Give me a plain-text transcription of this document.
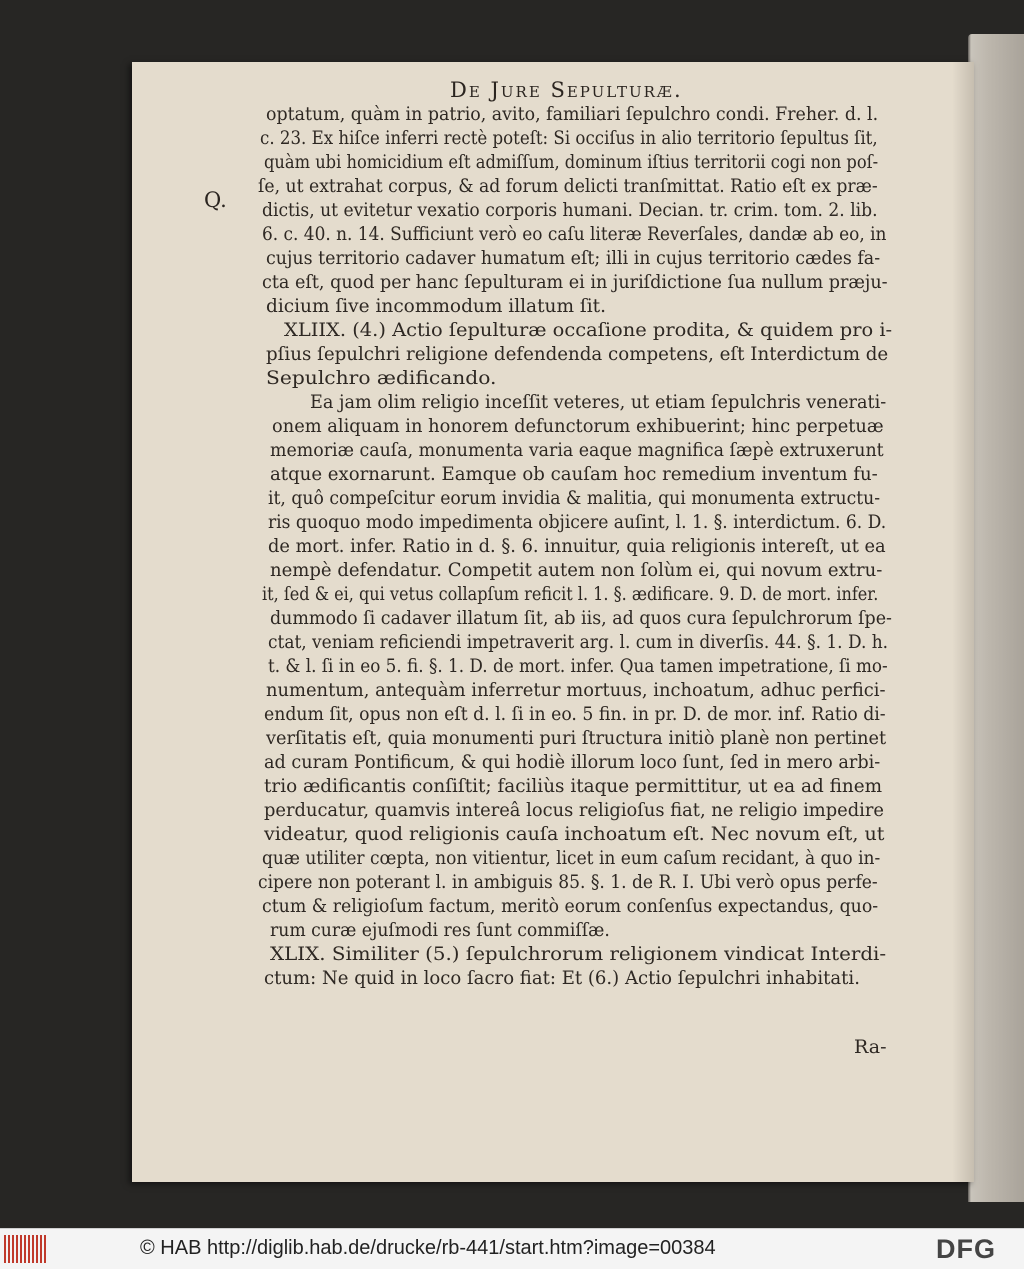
De Jure Sepulturæ.
Q.
optatum, quàm in patrio, avito, familiari ſepulchro condi. Freher. d. l.
c. 23. Ex hiſce inferri rectè poteſt: Si occiſus in alio territorio ſepultus ſit,
quàm ubi homicidium eſt admiſſum, dominum iſtius territorii cogi non poſ-
ſe, ut extrahat corpus, & ad forum delicti tranſmittat. Ratio eſt ex præ-
dictis, ut evitetur vexatio corporis humani. Decian. tr. crim. tom. 2. lib.
6. c. 40. n. 14. Sufficiunt verò eo caſu literæ Reverſales, dandæ ab eo, in
cujus territorio cadaver humatum eſt; illi in cujus territorio cædes fa-
cta eſt, quod per hanc ſepulturam ei in juriſdictione ſua nullum præju-
dicium ſive incommodum illatum ſit.
XLIIX. (4.) Actio ſepulturæ occaſione prodita, & quidem pro i-
pſius ſepulchri religione defendenda competens, eſt Interdictum de
Sepulchro ædificando.
Ea jam olim religio inceſſit veteres, ut etiam ſepulchris venerati-
onem aliquam in honorem defunctorum exhibuerint; hinc perpetuæ
memoriæ cauſa, monumenta varia eaque magnifica ſæpè extruxerunt
atque exornarunt. Eamque ob cauſam hoc remedium inventum fu-
it, quô compeſcitur eorum invidia & malitia, qui monumenta extructu-
ris quoquo modo impedimenta objicere auſint, l. 1. §. interdictum. 6. D.
de mort. infer. Ratio in d. §. 6. innuitur, quia religionis intereſt, ut ea
nempè defendatur. Competit autem non ſolùm ei, qui novum extru-
it, ſed & ei, qui vetus collapſum reficit l. 1. §. ædificare. 9. D. de mort. infer.
dummodo ſi cadaver illatum ſit, ab iis, ad quos cura ſepulchrorum ſpe-
ctat, veniam reficiendi impetraverit arg. l. cum in diverſis. 44. §. 1. D. h.
t. & l. ſi in eo 5. fi. §. 1. D. de mort. infer. Qua tamen impetratione, ſi mo-
numentum, antequàm inferretur mortuus, inchoatum, adhuc perfici-
endum ſit, opus non eſt d. l. ſi in eo. 5 fin. in pr. D. de mor. inf. Ratio di-
verſitatis eſt, quia monumenti puri ſtructura initiò planè non pertinet
ad curam Pontificum, & qui hodiè illorum loco ſunt, ſed in mero arbi-
trio ædificantis conſiſtit; faciliùs itaque permittitur, ut ea ad finem
perducatur, quamvis intereâ locus religioſus fiat, ne religio impedire
videatur, quod religionis cauſa inchoatum eſt. Nec novum eſt, ut
quæ utiliter cœpta, non vitientur, licet in eum caſum recidant, à quo in-
cipere non poterant l. in ambiguis 85. §. 1. de R. I. Ubi verò opus perfe-
ctum & religioſum factum, meritò eorum conſenſus expectandus, quo-
rum curæ ejuſmodi res ſunt commiſſæ.
XLIX. Similiter (5.) ſepulchrorum religionem vindicat Interdi-
ctum: Ne quid in loco ſacro fiat: Et (6.) Actio ſepulchri inhabitati.
Ra-
© HAB http://diglib.hab.de/drucke/rb-441/start.htm?image=00384	DFG
